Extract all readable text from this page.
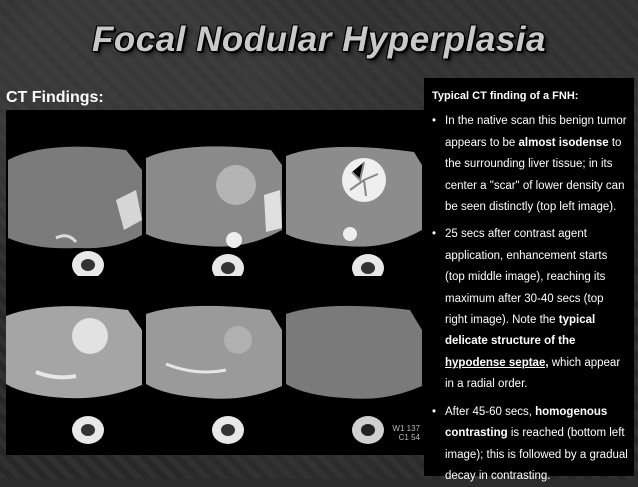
Focal Nodular Hyperplasia
CT Findings:
W1 137
C1 54
Typical CT finding of a FNH:
• In the native scan this benign tumor appears to be almost isodense to the surrounding liver tissue; in its center a "scar" of lower density can be seen distinctly (top left image).
• 25 secs after contrast agent application, enhancement starts (top middle image), reaching its maximum after 30-40 secs (top right image). Note the typical delicate structure of the hypodense septae, which appear in a radial order.
• After 45-60 secs, homogenous contrasting is reached (bottom left image); this is followed by a gradual decay in contrasting.
